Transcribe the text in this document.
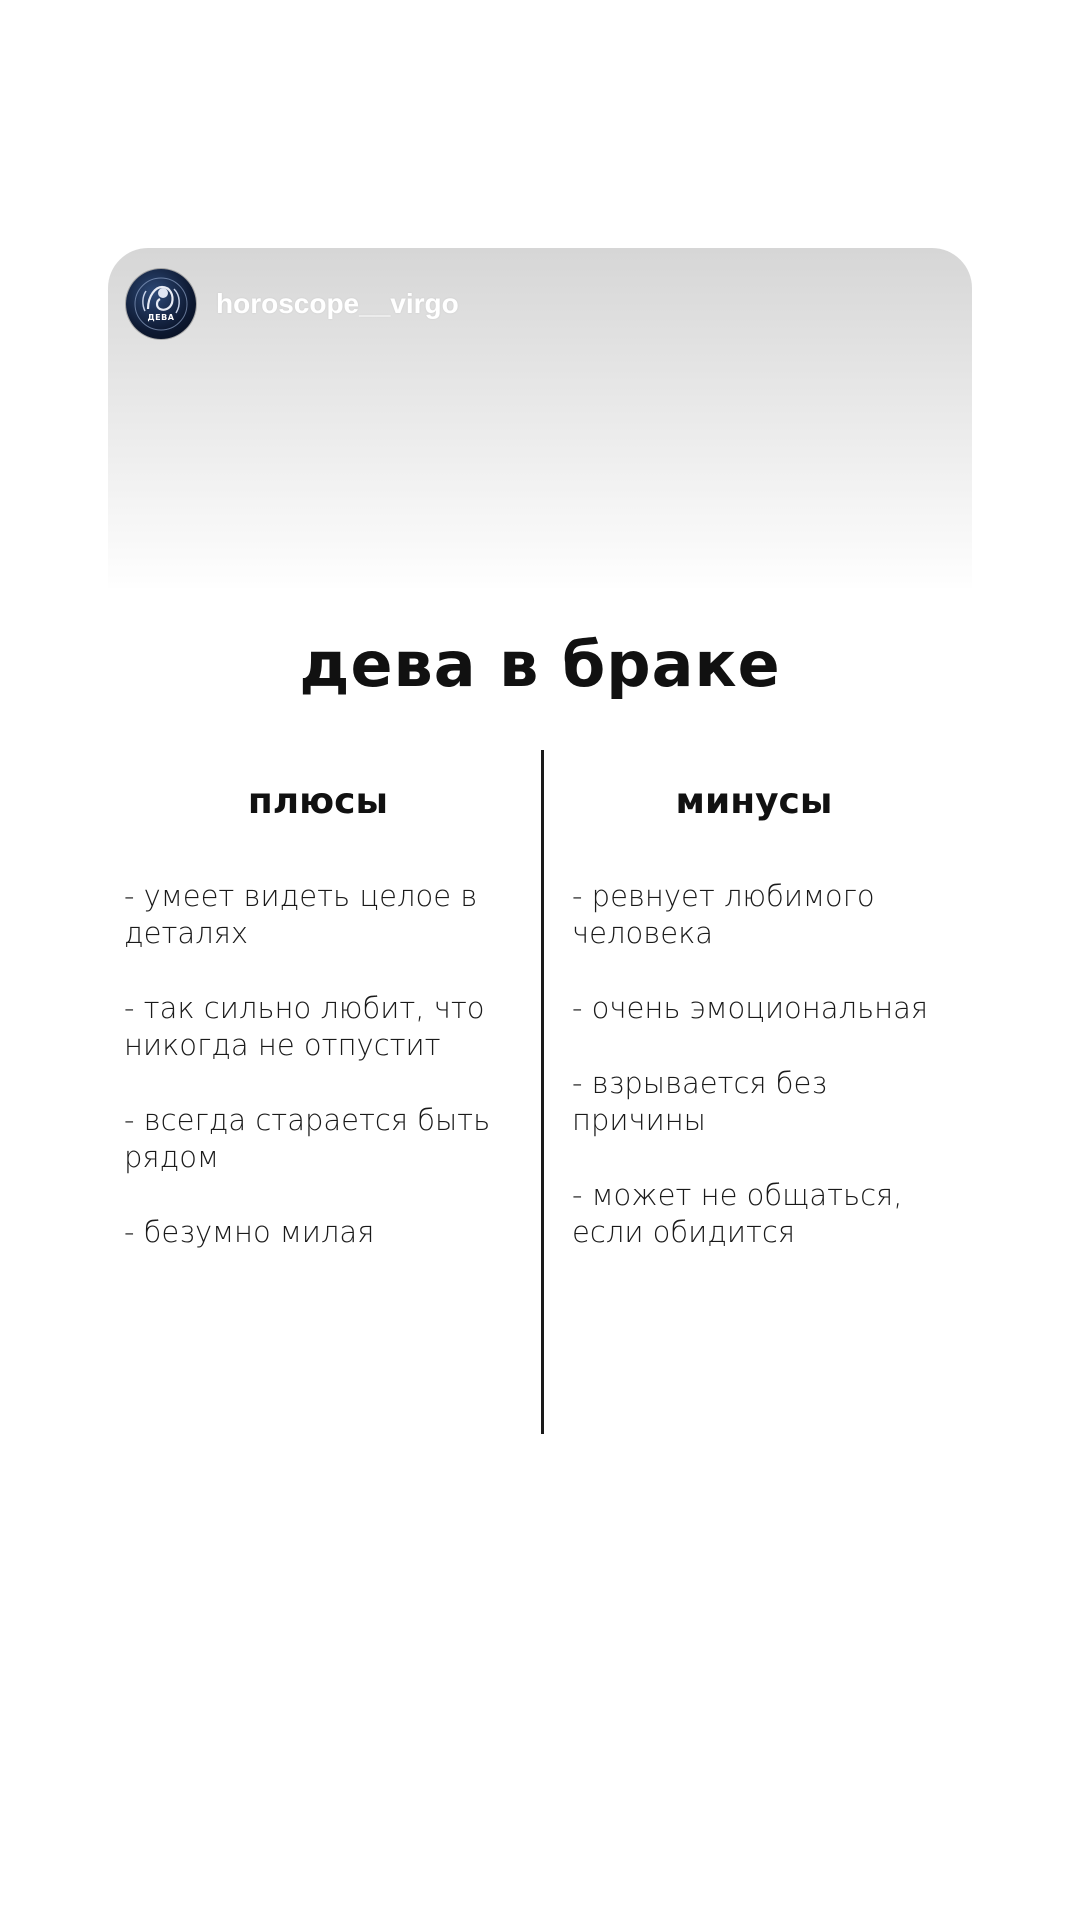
ДЕВА	horoscope__virgo
дева в браке
плюсы	минусы
- умеет видеть целое в деталях
- так сильно любит, что никогда не отпустит
- всегда старается быть рядом
- безумно милая
- ревнует любимого человека
- очень эмоциональная
- взрывается без причины
- может не общаться, если обидится
